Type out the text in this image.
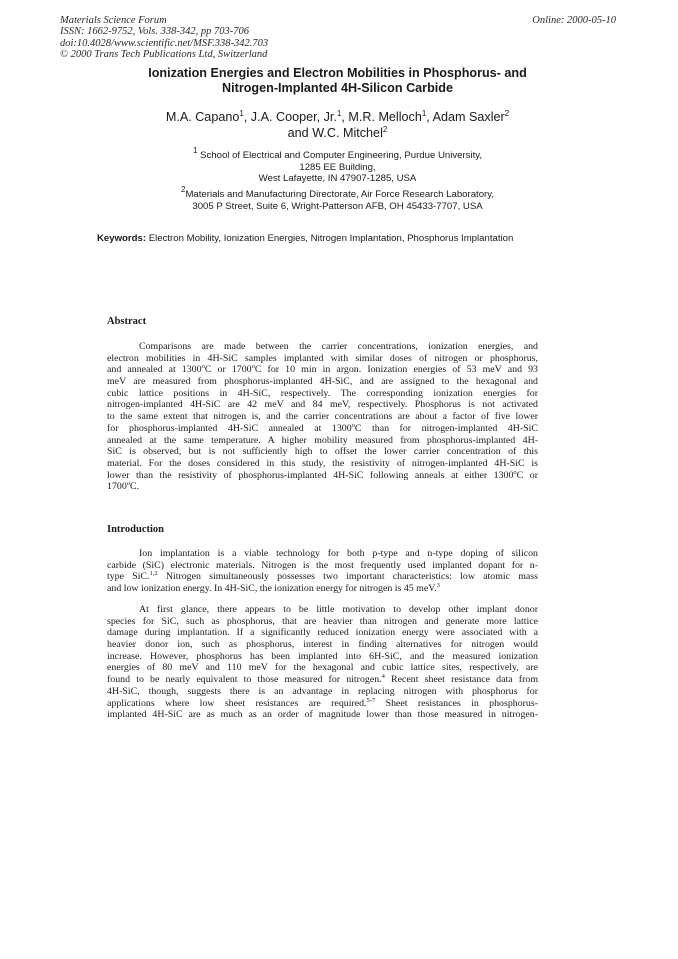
Materials Science Forum
ISSN: 1662-9752, Vols. 338-342, pp 703-706
doi:10.4028/www.scientific.net/MSF.338-342.703
© 2000 Trans Tech Publications Ltd, Switzerland
Online: 2000-05-10
Ionization Energies and Electron Mobilities in Phosphorus- and
Nitrogen-Implanted 4H-Silicon Carbide
M.A. Capano$^1$, J.A. Cooper, Jr.$^1$, M.R. Melloch$^1$, Adam Saxler$^2$
and W.C. Mitchel$^2$
$^1$ School of Electrical and Computer Engineering, Purdue University,
1285 EE Building,
West Lafayette, IN 47907-1285, USA
$^2$Materials and Manufacturing Directorate, Air Force Research Laboratory,
3005 P Street, Suite 6, Wright-Patterson AFB, OH 45433-7707, USA
Keywords: Electron Mobility, Ionization Energies, Nitrogen Implantation, Phosphorus Implantation
Abstract
Comparisons are made between the carrier concentrations, ionization energies, and
electron mobilities in 4H-SiC samples implanted with similar doses of nitrogen or phosphorus,
and annealed at 1300$^o$C or 1700$^o$C for 10 min in argon. Ionization energies of 53 meV and 93
meV are measured from phosphorus-implanted 4H-SiC, and are assigned to the hexagonal and
cubic lattice positions in 4H-SiC, respectively. The corresponding ionization energies for
nitrogen-implanted 4H-SiC are 42 meV and 84 meV, respectively. Phosphorus is not activated
to the same extent that nitrogen is, and the carrier concentrations are about a factor of five lower
for phosphorus-implanted 4H-SiC annealed at 1300$^o$C than for nitrogen-implanted 4H-SiC
annealed at the same temperature. A higher mobility measured from phosphorus-implanted 4H-
SiC is observed, but is not sufficiently high to offset the lower carrier concentration of this
material. For the doses considered in this study, the resistivity of nitrogen-implanted 4H-SiC is
lower than the resistivity of phosphorus-implanted 4H-SiC following anneals at either 1300$^o$C or
1700$^o$C.
Introduction
Ion implantation is a viable technology for both p-type and n-type doping of silicon
carbide (SiC) electronic materials. Nitrogen is the most frequently used implanted dopant for n-
type SiC.$^{1,2}$ Nitrogen simultaneously possesses two important characteristics: low atomic mass
and low ionization energy. In 4H-SiC, the ionization energy for nitrogen is 45 meV.$^3$
At first glance, there appears to be little motivation to develop other implant donor
species for SiC, such as phosphorus, that are heavier than nitrogen and generate more lattice
damage during implantation. If a significantly reduced ionization energy were associated with a
heavier donor ion, such as phosphorus, interest in finding alternatives for nitrogen would
increase. However, phosphorus has been implanted into 6H-SiC, and the measured ionization
energies of 80 meV and 110 meV for the hexagonal and cubic lattice sites, respectively, are
found to be nearly equivalent to those measured for nitrogen.$^4$ Recent sheet resistance data from
4H-SiC, though, suggests there is an advantage in replacing nitrogen with phosphorus for
applications where low sheet resistances are required.$^{5-7}$ Sheet resistances in phosphorus-
implanted 4H-SiC are as much as an order of magnitude lower than those measured in nitrogen-
